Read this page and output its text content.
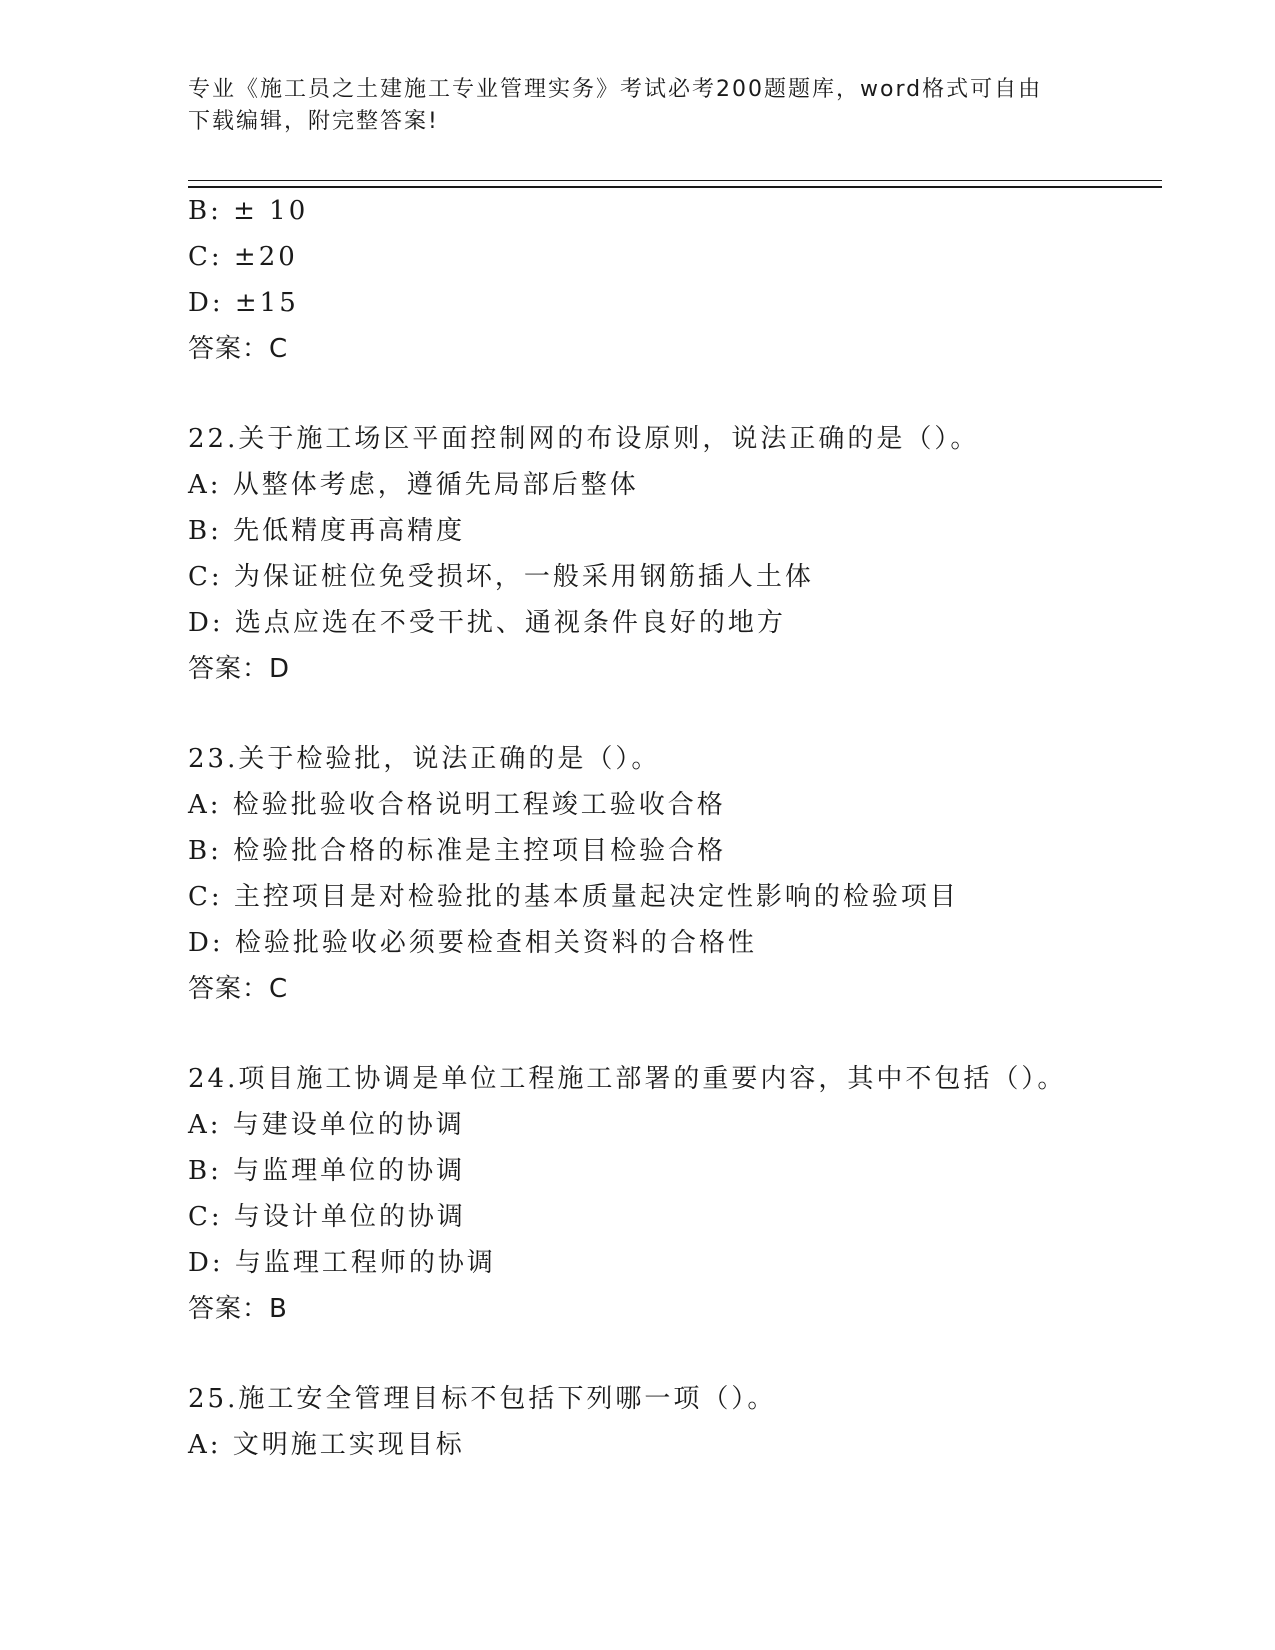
专业《施工员之土建施工专业管理实务》考试必考200题题库，word格式可自由
下载编辑，附完整答案!
B: ± 10
C: ±20
D: ±15
答案：C
22.关于施工场区平面控制网的布设原则，说法正确的是（）。
A: 从整体考虑，遵循先局部后整体
B: 先低精度再高精度
C: 为保证桩位免受损坏，一般采用钢筋插人土体
D: 选点应选在不受干扰、通视条件良好的地方
答案：D
23.关于检验批，说法正确的是（）。
A: 检验批验收合格说明工程竣工验收合格
B: 检验批合格的标准是主控项目检验合格
C: 主控项目是对检验批的基本质量起决定性影响的检验项目
D: 检验批验收必须要检查相关资料的合格性
答案：C
24.项目施工协调是单位工程施工部署的重要内容，其中不包括（）。
A: 与建设单位的协调
B: 与监理单位的协调
C: 与设计单位的协调
D: 与监理工程师的协调
答案：B
25.施工安全管理目标不包括下列哪一项（）。
A: 文明施工实现目标
